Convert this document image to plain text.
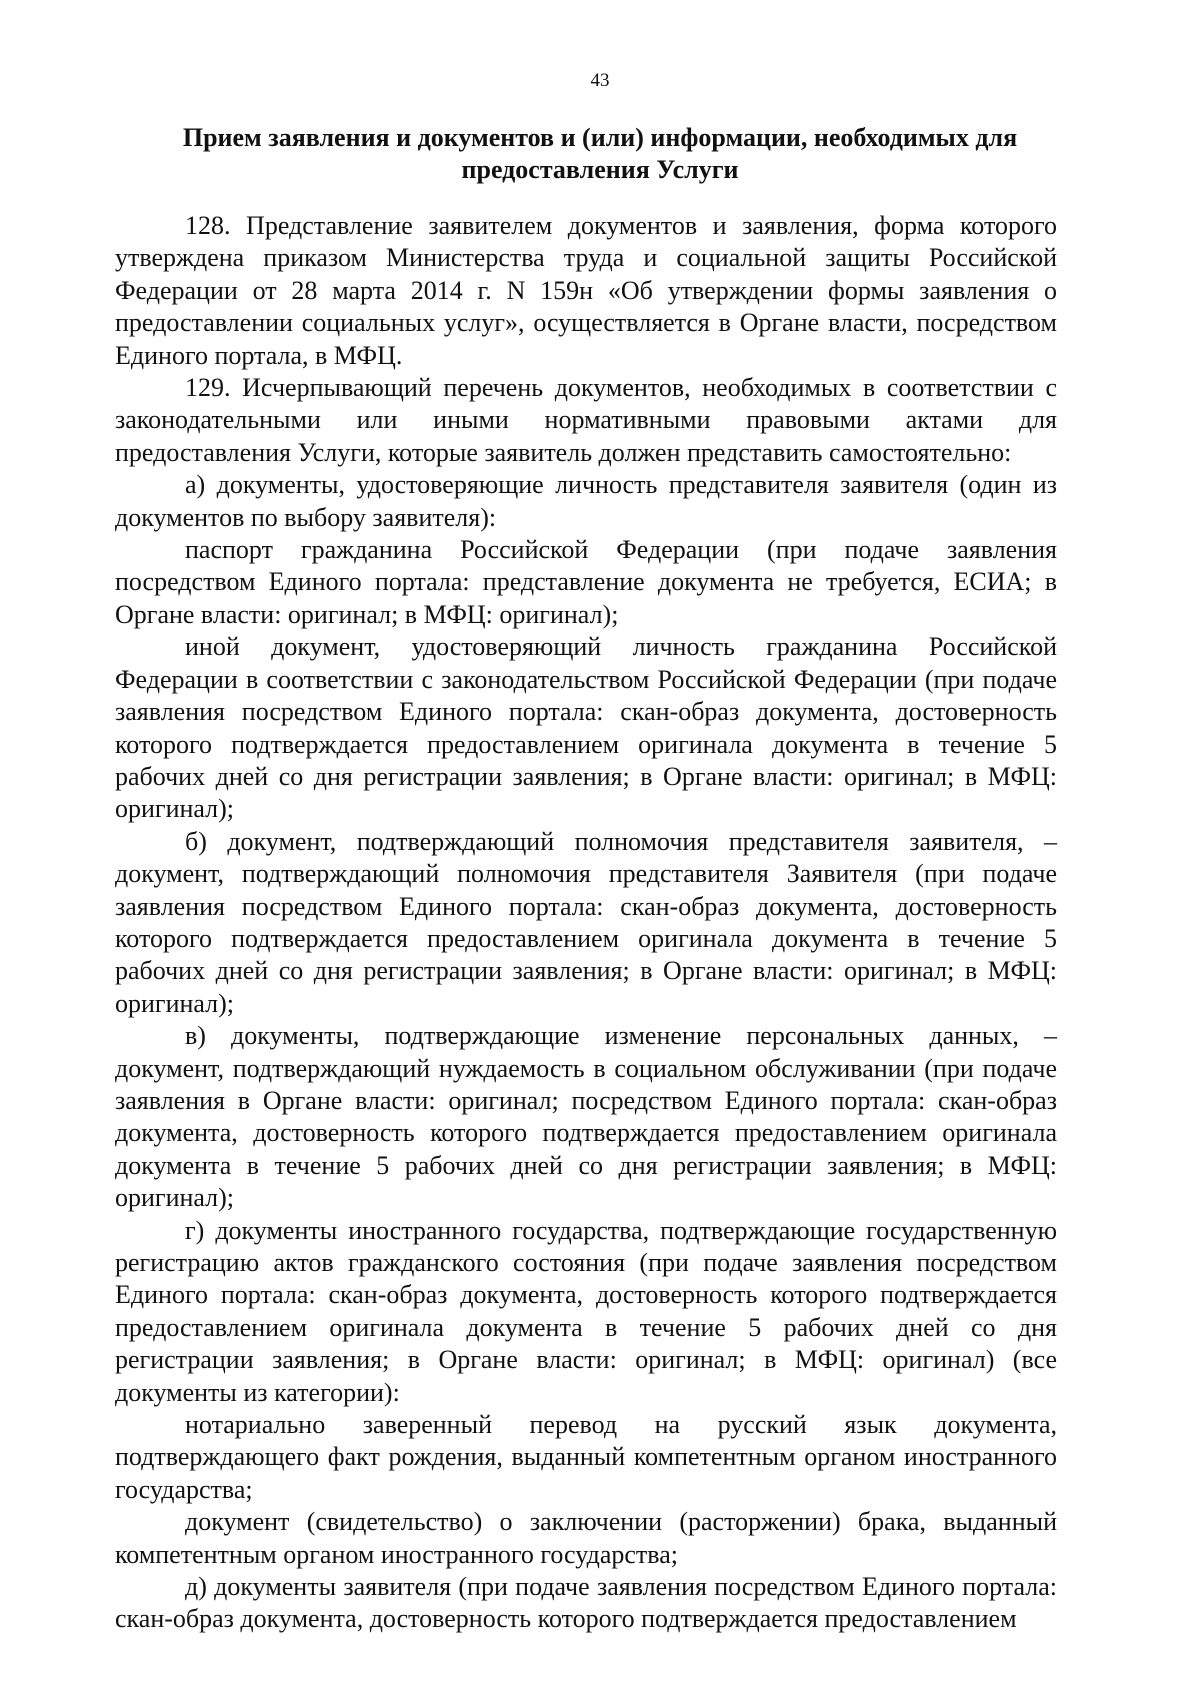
43
Прием заявления и документов и (или) информации, необходимых для
предоставления Услуги

128. Представление заявителем документов и заявления, форма которого утверждена приказом Министерства труда и социальной защиты Российской Федерации от 28 марта 2014 г. N 159н «Об утверждении формы заявления о предоставлении социальных услуг», осуществляется в Органе власти, посредством Единого портала, в МФЦ.

129. Исчерпывающий перечень документов, необходимых в соответствии с законодательными или иными нормативными правовыми актами для предоставления Услуги, которые заявитель должен представить самостоятельно:

а) документы, удостоверяющие личность представителя заявителя (один из документов по выбору заявителя):

паспорт гражданина Российской Федерации (при подаче заявления посредством Единого портала: представление документа не требуется, ЕСИА; в Органе власти: оригинал; в МФЦ: оригинал);

иной документ, удостоверяющий личность гражданина Российской Федерации в соответствии с законодательством Российской Федерации (при подаче заявления посредством Единого портала: скан-образ документа, достоверность которого подтверждается предоставлением оригинала документа в течение 5 рабочих дней со дня регистрации заявления; в Органе власти: оригинал; в МФЦ: оригинал);

б) документ, подтверждающий полномочия представителя заявителя, – документ, подтверждающий полномочия представителя Заявителя (при подаче заявления посредством Единого портала: скан-образ документа, достоверность которого подтверждается предоставлением оригинала документа в течение 5 рабочих дней со дня регистрации заявления; в Органе власти: оригинал; в МФЦ: оригинал);

в) документы, подтверждающие изменение персональных данных, – документ, подтверждающий нуждаемость в социальном обслуживании (при подаче заявления в Органе власти: оригинал; посредством Единого портала: скан-образ документа, достоверность которого подтверждается предоставлением оригинала документа в течение 5 рабочих дней со дня регистрации заявления; в МФЦ: оригинал);

г) документы иностранного государства, подтверждающие государственную регистрацию актов гражданского состояния (при подаче заявления посредством Единого портала: скан-образ документа, достоверность которого подтверждается предоставлением оригинала документа в течение 5 рабочих дней со дня регистрации заявления; в Органе власти: оригинал; в МФЦ: оригинал) (все документы из категории):

нотариально заверенный перевод на русский язык документа, подтверждающего факт рождения, выданный компетентным органом иностранного государства;

документ (свидетельство) о заключении (расторжении) брака, выданный компетентным органом иностранного государства;

д) документы заявителя (при подаче заявления посредством Единого портала: скан-образ документа, достоверность которого подтверждается предоставлением
